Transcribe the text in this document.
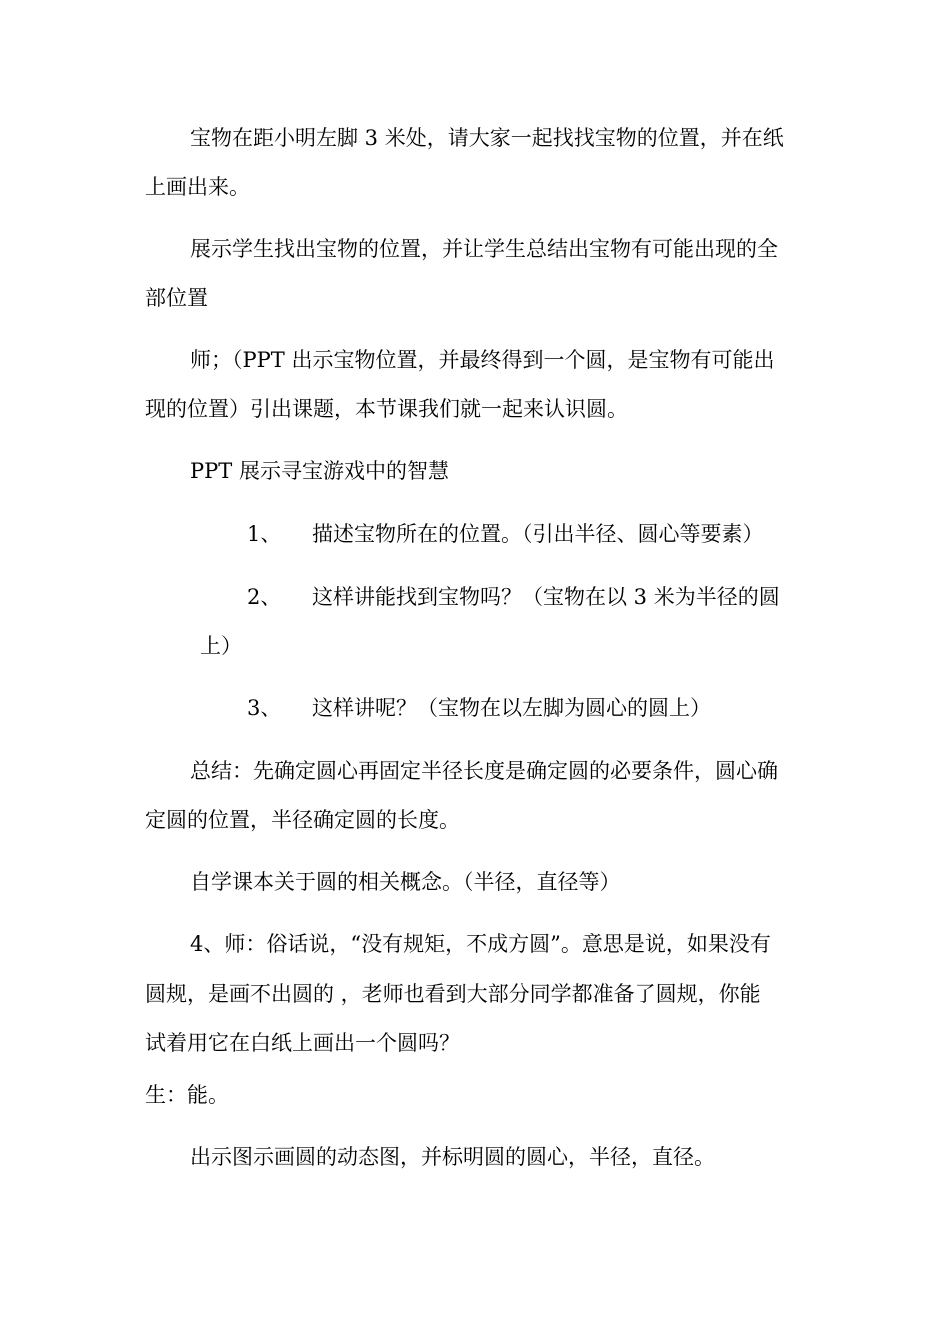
宝物在距小明左脚 3 米处，请大家一起找找宝物的位置，并在纸
上画出来。
展示学生找出宝物的位置，并让学生总结出宝物有可能出现的全
部位置
师；（PPT 出示宝物位置，并最终得到一个圆，是宝物有可能出
现的位置）引出课题，本节课我们就一起来认识圆。
PPT 展示寻宝游戏中的智慧
1、 描述宝物所在的位置。（引出半径、圆心等要素）
2、 这样讲能找到宝物吗？（宝物在以 3 米为半径的圆
上）
3、 这样讲呢？（宝物在以左脚为圆心的圆上）
总结：先确定圆心再固定半径长度是确定圆的必要条件，圆心确
定圆的位置，半径确定圆的长度。
自学课本关于圆的相关概念。（半径，直径等）
4、师：俗话说，“没有规矩，不成方圆”。意思是说，如果没有
圆规，是画不出圆的 ，老师也看到大部分同学都准备了圆规，你能
试着用它在白纸上画出一个圆吗？
生：能。
出示图示画圆的动态图，并标明圆的圆心，半径，直径。
